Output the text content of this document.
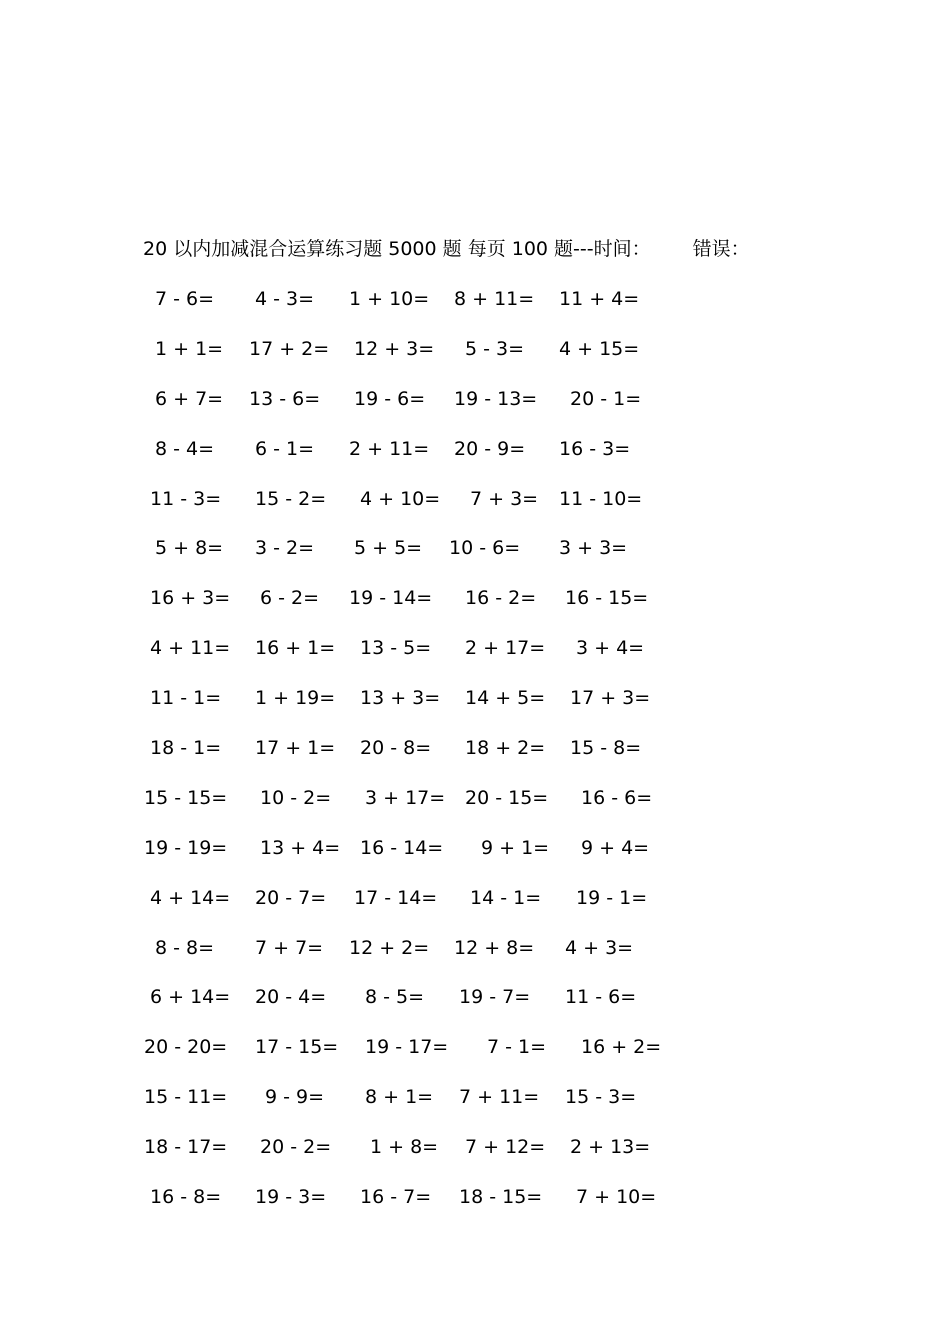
20 以内加减混合运算练习题 5000 题 每页 100 题---时间： 错误：
7 - 6= 4 - 3= 1 + 10= 8 + 11= 11 + 4=
1 + 1= 17 + 2= 12 + 3= 5 - 3= 4 + 15=
6 + 7= 13 - 6= 19 - 6= 19 - 13= 20 - 1=
8 - 4= 6 - 1= 2 + 11= 20 - 9= 16 - 3=
11 - 3= 15 - 2= 4 + 10= 7 + 3= 11 - 10=
5 + 8= 3 - 2= 5 + 5= 10 - 6= 3 + 3=
16 + 3= 6 - 2= 19 - 14= 16 - 2= 16 - 15=
4 + 11= 16 + 1= 13 - 5= 2 + 17= 3 + 4=
11 - 1= 1 + 19= 13 + 3= 14 + 5= 17 + 3=
18 - 1= 17 + 1= 20 - 8= 18 + 2= 15 - 8=
15 - 15= 10 - 2= 3 + 17= 20 - 15= 16 - 6=
19 - 19= 13 + 4= 16 - 14= 9 + 1= 9 + 4=
4 + 14= 20 - 7= 17 - 14= 14 - 1= 19 - 1=
8 - 8= 7 + 7= 12 + 2= 12 + 8= 4 + 3=
6 + 14= 20 - 4= 8 - 5= 19 - 7= 11 - 6=
20 - 20= 17 - 15= 19 - 17= 7 - 1= 16 + 2=
15 - 11= 9 - 9= 8 + 1= 7 + 11= 15 - 3=
18 - 17= 20 - 2= 1 + 8= 7 + 12= 2 + 13=
16 - 8= 19 - 3= 16 - 7= 18 - 15= 7 + 10=
